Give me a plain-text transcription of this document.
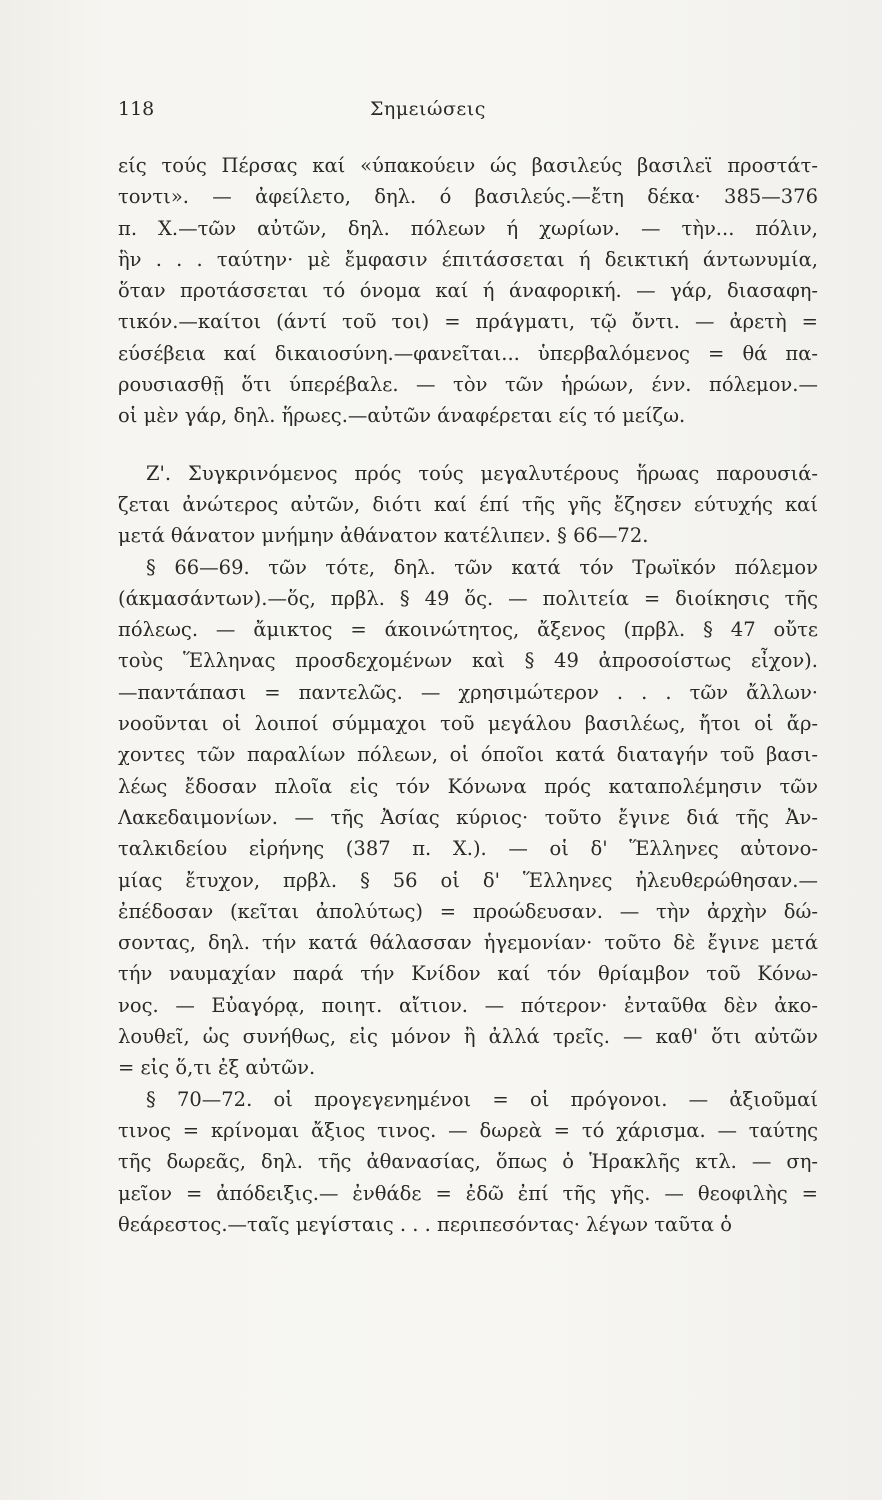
118	Σημειώσεις
είς τούς Πέρσας καί «ύπακούειν ώς βασιλεύς βασιλεϊ προστάτ-
τοντι». — ἀφείλετο, δηλ. ό βασιλεύς.—ἔτη δέκα· 385—376
π. Χ.—τῶν αὐτῶν, δηλ. πόλεων ή χωρίων. — τὴν... πόλιν,
ἣν . . . ταύτην· μὲ ἔμφασιν έπιτάσσεται ή δεικτική άντωνυμία,
ὅταν προτάσσεται τό όνομα καί ή άναφορική. — γάρ, διασαφη-
τικόν.—καίτοι (άντί τοῦ τοι) = πράγματι, τῷ ὄντι. — ἀρετὴ =
εύσέβεια καί δικαιοσύνη.—φανεῖται... ὑπερβαλόμενος = θά πα-
ρουσιασθῇ ὅτι ύπερέβαλε. — τὸν τῶν ἡρώων, ένν. πόλεμον.—
οἱ μὲν γάρ, δηλ. ἥρωες.—αὐτῶν άναφέρεται είς τό μείζω.
Ζ'. Συγκρινόμενος πρός τούς μεγαλυτέρους ἥρωας παρουσιά-
ζεται ἀνώτερος αὐτῶν, διότι καί έπί τῆς γῆς ἔζησεν εύτυχής καί
μετά θάνατον μνήμην ἀθάνατον κατέλιπεν. § 66—72.
§ 66—69. τῶν τότε, δηλ. τῶν κατά τόν Τρωϊκόν πόλεμον
(άκμασάντων).—ὅς, πρβλ. § 49 ὅς. — πολιτεία = διοίκησις τῆς
πόλεως. — ἄμικτος = άκοινώτητος, ἄξενος (πρβλ. § 47 οὔτε
τοὺς Ἕλληνας προσδεχομένων καὶ § 49 ἀπροσοίστως εἶχον).
—παντάπασι = παντελῶς. — χρησιμώτερον . . . τῶν ἄλλων·
νοοῦνται οἱ λοιποί σύμμαχοι τοῦ μεγάλου βασιλέως, ἤτοι οἱ ἄρ-
χοντες τῶν παραλίων πόλεων, οἱ όποῖοι κατά διαταγήν τοῦ βασι-
λέως ἔδοσαν πλοῖα εἰς τόν Κόνωνα πρός καταπολέμησιν τῶν
Λακεδαιμονίων. — τῆς Ἀσίας κύριος· τοῦτο ἔγινε διά τῆς Ἀν-
ταλκιδείου εἰρήνης (387 π. Χ.). — οἱ δ' Ἕλληνες αὐτονο-
μίας ἔτυχον, πρβλ. § 56 οἱ δ' Ἕλληνες ἠλευθερώθησαν.—
ἐπέδοσαν (κεῖται ἀπολύτως) = προώδευσαν. — τὴν ἀρχὴν δώ-
σοντας, δηλ. τήν κατά θάλασσαν ἡγεμονίαν· τοῦτο δὲ ἔγινε μετά
τήν ναυμαχίαν παρά τήν Κνίδον καί τόν θρίαμβον τοῦ Κόνω-
νος. — Εὐαγόρᾳ, ποιητ. αἴτιον. — πότερον· ἐνταῦθα δὲν ἀκο-
λουθεῖ, ὡς συνήθως, εἰς μόνον ἢ ἀλλά τρεῖς. — καθ' ὅτι αὐτῶν
= εἰς ὅ,τι ἐξ αὐτῶν.
§ 70—72. οἱ προγεγενημένοι = οἱ πρόγονοι. — ἀξιοῦμαί
τινος = κρίνομαι ἄξιος τινος. — δωρεὰ = τό χάρισμα. — ταύτης
τῆς δωρεᾶς, δηλ. τῆς ἀθανασίας, ὅπως ὁ Ἡρακλῆς κτλ. — ση-
μεῖον = ἀπόδειξις.— ἐνθάδε = ἐδῶ ἐπί τῆς γῆς. — θεοφιλὴς =
θεάρεστος.—ταῖς μεγίσταις . . . περιπεσόντας· λέγων ταῦτα ὁ
